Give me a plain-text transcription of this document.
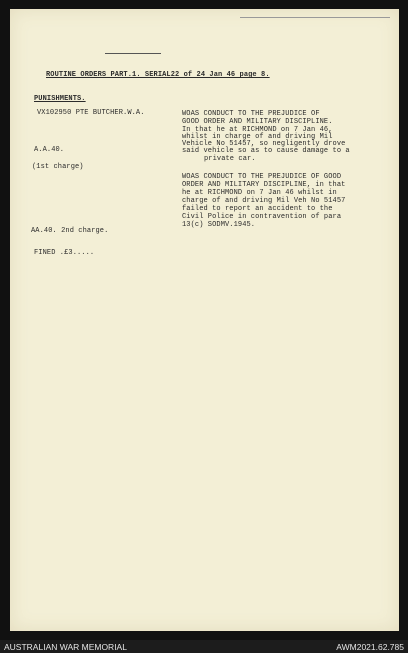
ROUTINE ORDERS PART.1. SERIAL22 of 24 Jan 46 page 8.
PUNISHMENTS.
VX102950 PTE BUTCHER.W.A.	WOAS CONDUCT TO THE PREJUDICE OF
GOOD ORDER AND MILITARY DISCIPLINE.
In that he at RICHMOND on 7 Jan 46,
whilst in charge of and driving Mil
Vehicle No 51457, so negligently drove
said vehicle so as to cause damage to a
private car.
A.A.40.
(1st charge)
WOAS CONDUCT TO THE PREJUDICE OF GOOD
ORDER AND MILITARY DISCIPLINE, in that
he at RICHMOND on 7 Jan 46 whilst in
charge of and driving Mil Veh No 51457
failed to report an accident to the
Civil Police in contravention of para
13(c) SODMV.1945.
AA.40. 2nd charge.
FINED .£3.....
AUSTRALIAN WAR MEMORIAL	AWM2021.62.785
